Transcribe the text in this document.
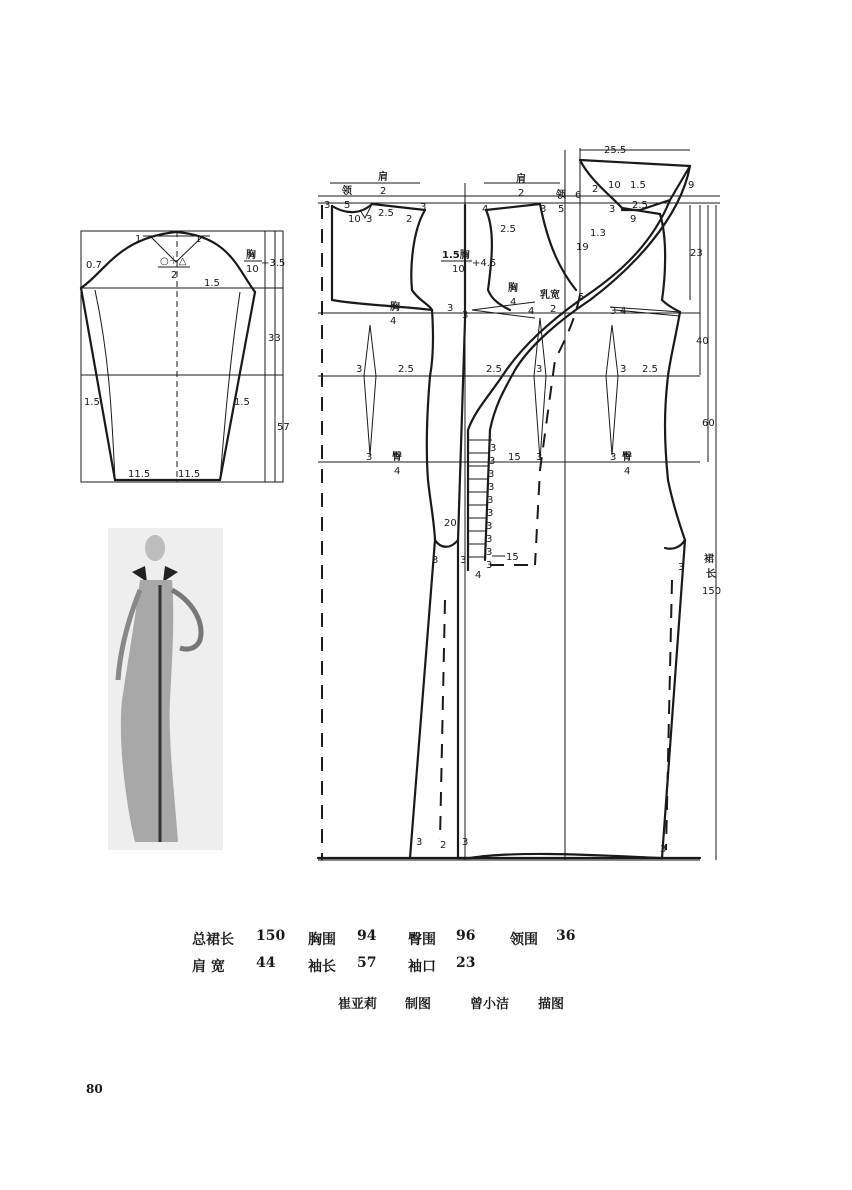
1	1
○＋△
2
0.7
胸
10
+3.5
1.5
33
57
1.5	1.5
11.5	11.5
肩
2
领
5
3
10 3
2.5
3
2
胸
4
3
3	2.5
臀
4
3
20
3 3
3 2 3
25.5
2 10 1.5	9
肩
2	领
5
6
4	3	3 2.5
9
23
19
1.3
2.5
1.5胸
10
+4.5
胸
4
乳宽
2
5
3	4	3 4
40
2.5	3	3 2.5
60
15	臀
4
3
3
3
3
3
3
3
3
3
3
3
3
15
4
3
裙
长
150
3
总裙长 150 胸围 94 臀围 96 领围 36
肩 宽 44 袖长 57 袖口 23
崔亚莉 制图	曾小洁 描图
80
